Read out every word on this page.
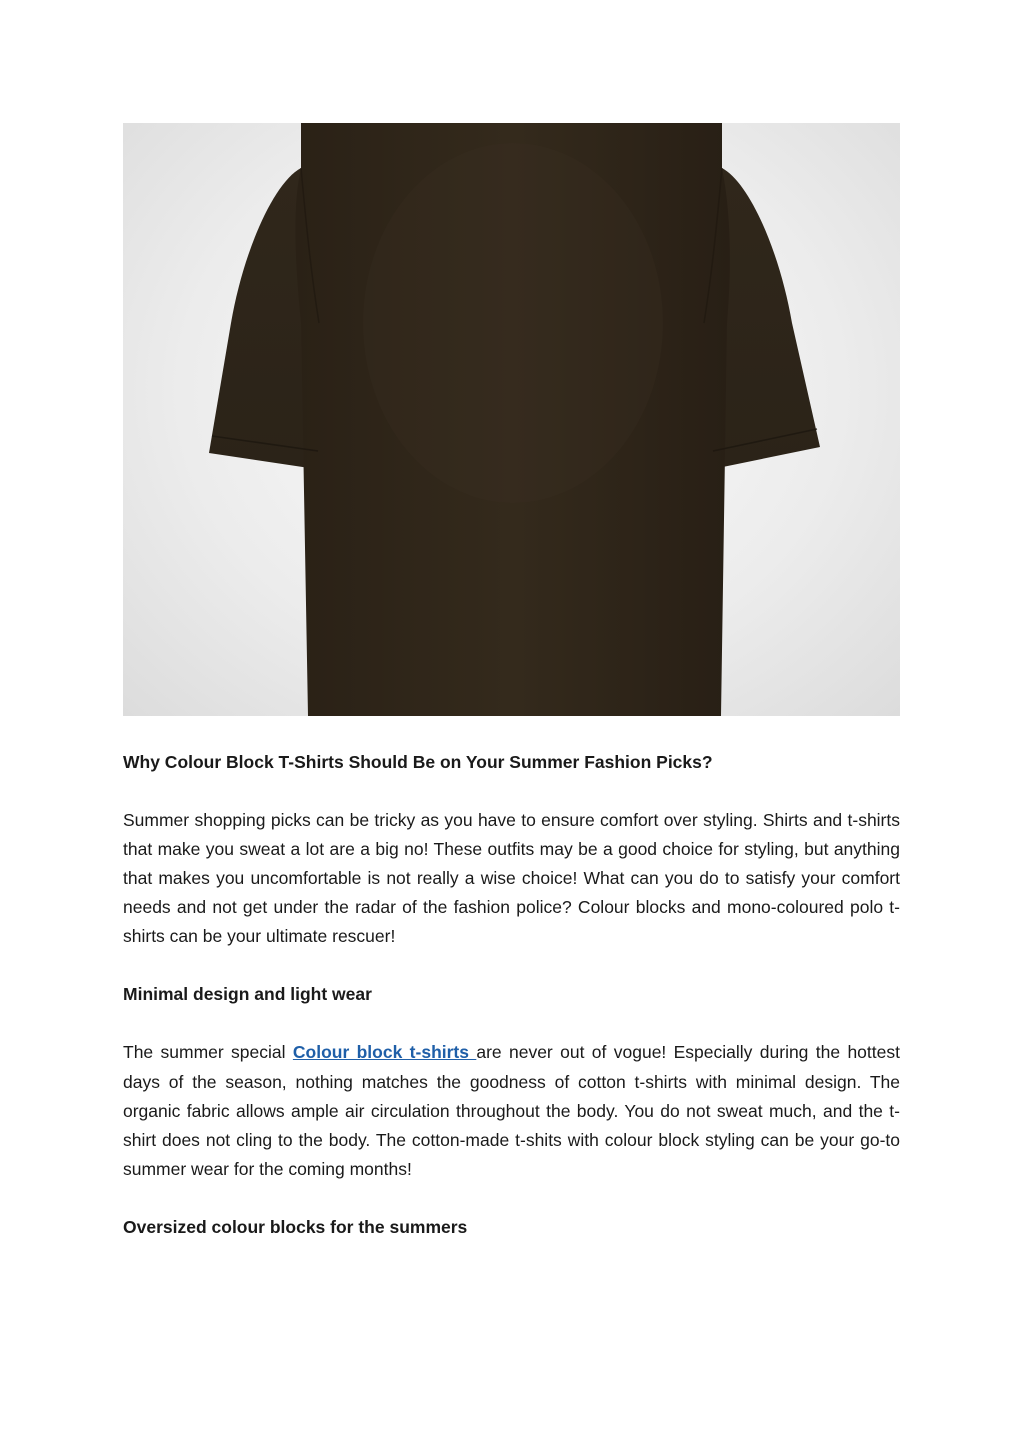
Why Colour Block T-Shirts Should Be on Your Summer Fashion Picks?

Summer shopping picks can be tricky as you have to ensure comfort over styling. Shirts and t-shirts that make you sweat a lot are a big no! These outfits may be a good choice for styling, but anything that makes you uncomfortable is not really a wise choice! What can you do to satisfy your comfort needs and not get under the radar of the fashion police? Colour blocks and mono-coloured polo t-shirts can be your ultimate rescuer!

Minimal design and light wear

The summer special Colour block t-shirts are never out of vogue! Especially during the hottest days of the season, nothing matches the goodness of cotton t-shirts with minimal design. The organic fabric allows ample air circulation throughout the body. You do not sweat much, and the t-shirt does not cling to the body. The cotton-made t-shits with colour block styling can be your go-to summer wear for the coming months!

Oversized colour blocks for the summers
